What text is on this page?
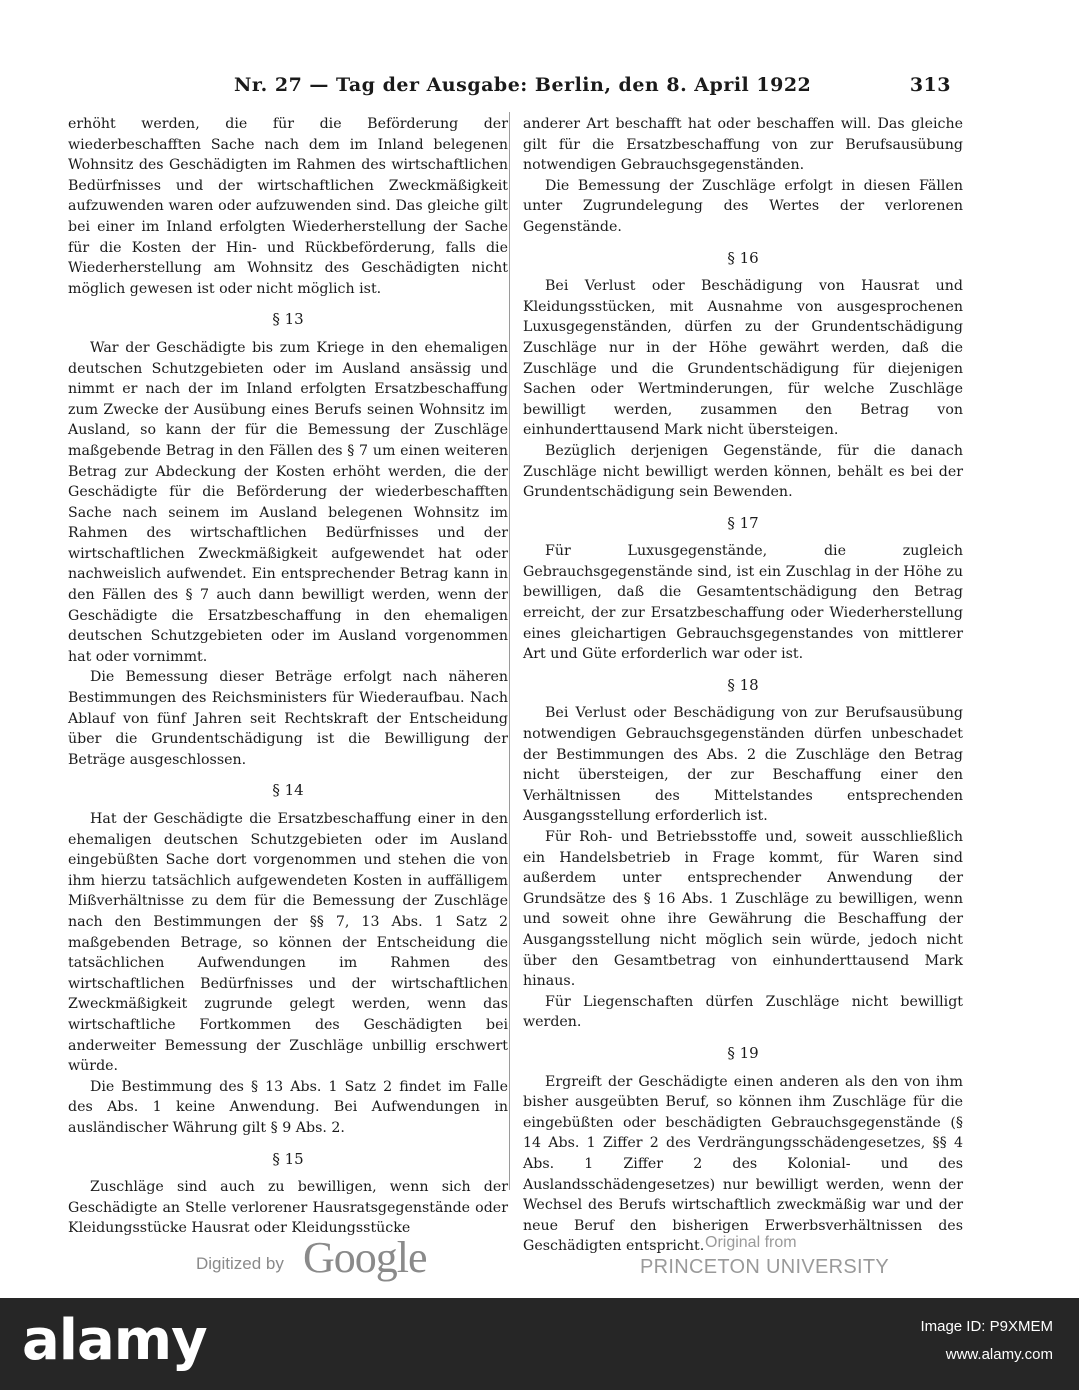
Nr. 27 — Tag der Ausgabe: Berlin, den 8. April 1922	313

erhöht werden, die für die Beförderung der wiederbeschafften Sache nach dem im Inland belegenen Wohnsitz des Geschädigten im Rahmen des wirtschaftlichen Bedürfnisses und der wirtschaftlichen Zweckmäßigkeit aufzuwenden waren oder aufzuwenden sind. Das gleiche gilt bei einer im Inland erfolgten Wiederherstellung der Sache für die Kosten der Hin- und Rückbeförderung, falls die Wiederherstellung am Wohnsitz des Geschädigten nicht möglich gewesen ist oder nicht möglich ist.

§ 13

War der Geschädigte bis zum Kriege in den ehemaligen deutschen Schutzgebieten oder im Ausland ansässig und nimmt er nach der im Inland erfolgten Ersatzbeschaffung zum Zwecke der Ausübung eines Berufs seinen Wohnsitz im Ausland, so kann der für die Bemessung der Zuschläge maßgebende Betrag in den Fällen des § 7 um einen weiteren Betrag zur Abdeckung der Kosten erhöht werden, die der Geschädigte für die Beförderung der wiederbeschafften Sache nach seinem im Ausland belegenen Wohnsitz im Rahmen des wirtschaftlichen Bedürfnisses und der wirtschaftlichen Zweckmäßigkeit aufgewendet hat oder nachweislich aufwendet. Ein entsprechender Betrag kann in den Fällen des § 7 auch dann bewilligt werden, wenn der Geschädigte die Ersatzbeschaffung in den ehemaligen deutschen Schutzgebieten oder im Ausland vorgenommen hat oder vornimmt.

Die Bemessung dieser Beträge erfolgt nach näheren Bestimmungen des Reichsministers für Wiederaufbau. Nach Ablauf von fünf Jahren seit Rechtskraft der Entscheidung über die Grundentschädigung ist die Bewilligung der Beträge ausgeschlossen.

§ 14

Hat der Geschädigte die Ersatzbeschaffung einer in den ehemaligen deutschen Schutzgebieten oder im Ausland eingebüßten Sache dort vorgenommen und stehen die von ihm hierzu tatsächlich aufgewendeten Kosten in auffälligem Mißverhältnisse zu dem für die Bemessung der Zuschläge nach den Bestimmungen der §§ 7, 13 Abs. 1 Satz 2 maßgebenden Betrage, so können der Entscheidung die tatsächlichen Aufwendungen im Rahmen des wirtschaftlichen Bedürfnisses und der wirtschaftlichen Zweckmäßigkeit zugrunde gelegt werden, wenn das wirtschaftliche Fortkommen des Geschädigten bei anderweiter Bemessung der Zuschläge unbillig erschwert würde.

Die Bestimmung des § 13 Abs. 1 Satz 2 findet im Falle des Abs. 1 keine Anwendung. Bei Aufwendungen in ausländischer Währung gilt § 9 Abs. 2.

§ 15

Zuschläge sind auch zu bewilligen, wenn sich der Geschädigte an Stelle verlorener Hausratsgegenstände oder Kleidungsstücke Hausrat oder Kleidungsstücke

anderer Art beschafft hat oder beschaffen will. Das gleiche gilt für die Ersatzbeschaffung von zur Berufsausübung notwendigen Gebrauchsgegenständen.

Die Bemessung der Zuschläge erfolgt in diesen Fällen unter Zugrundelegung des Wertes der verlorenen Gegenstände.

§ 16

Bei Verlust oder Beschädigung von Hausrat und Kleidungsstücken, mit Ausnahme von ausgesprochenen Luxusgegenständen, dürfen zu der Grundentschädigung Zuschläge nur in der Höhe gewährt werden, daß die Zuschläge und die Grundentschädigung für diejenigen Sachen oder Wertminderungen, für welche Zuschläge bewilligt werden, zusammen den Betrag von einhunderttausend Mark nicht übersteigen.

Bezüglich derjenigen Gegenstände, für die danach Zuschläge nicht bewilligt werden können, behält es bei der Grundentschädigung sein Bewenden.

§ 17

Für Luxusgegenstände, die zugleich Gebrauchsgegenstände sind, ist ein Zuschlag in der Höhe zu bewilligen, daß die Gesamtentschädigung den Betrag erreicht, der zur Ersatzbeschaffung oder Wiederherstellung eines gleichartigen Gebrauchsgegenstandes von mittlerer Art und Güte erforderlich war oder ist.

§ 18

Bei Verlust oder Beschädigung von zur Berufsausübung notwendigen Gebrauchsgegenständen dürfen unbeschadet der Bestimmungen des Abs. 2 die Zuschläge den Betrag nicht übersteigen, der zur Beschaffung einer den Verhältnissen des Mittelstandes entsprechenden Ausgangsstellung erforderlich ist.

Für Roh- und Betriebsstoffe und, soweit ausschließlich ein Handelsbetrieb in Frage kommt, für Waren sind außerdem unter entsprechender Anwendung der Grundsätze des § 16 Abs. 1 Zuschläge zu bewilligen, wenn und soweit ohne ihre Gewährung die Beschaffung der Ausgangsstellung nicht möglich sein würde, jedoch nicht über den Gesamtbetrag von einhunderttausend Mark hinaus.

Für Liegenschaften dürfen Zuschläge nicht bewilligt werden.

§ 19

Ergreift der Geschädigte einen anderen als den von ihm bisher ausgeübten Beruf, so können ihm Zuschläge für die eingebüßten oder beschädigten Gebrauchsgegenstände (§ 14 Abs. 1 Ziffer 2 des Verdrängungsschädengesetzes, §§ 4 Abs. 1 Ziffer 2 des Kolonial- und des Auslandsschädengesetzes) nur bewilligt werden, wenn der Wechsel des Berufs wirtschaftlich zweckmäßig war und der neue Beruf den bisherigen Erwerbsverhältnissen des Geschädigten entspricht.

Digitized by Google	Original from
PRINCETON UNIVERSITY
alamy	Image ID: P9XMEM
www.alamy.com
